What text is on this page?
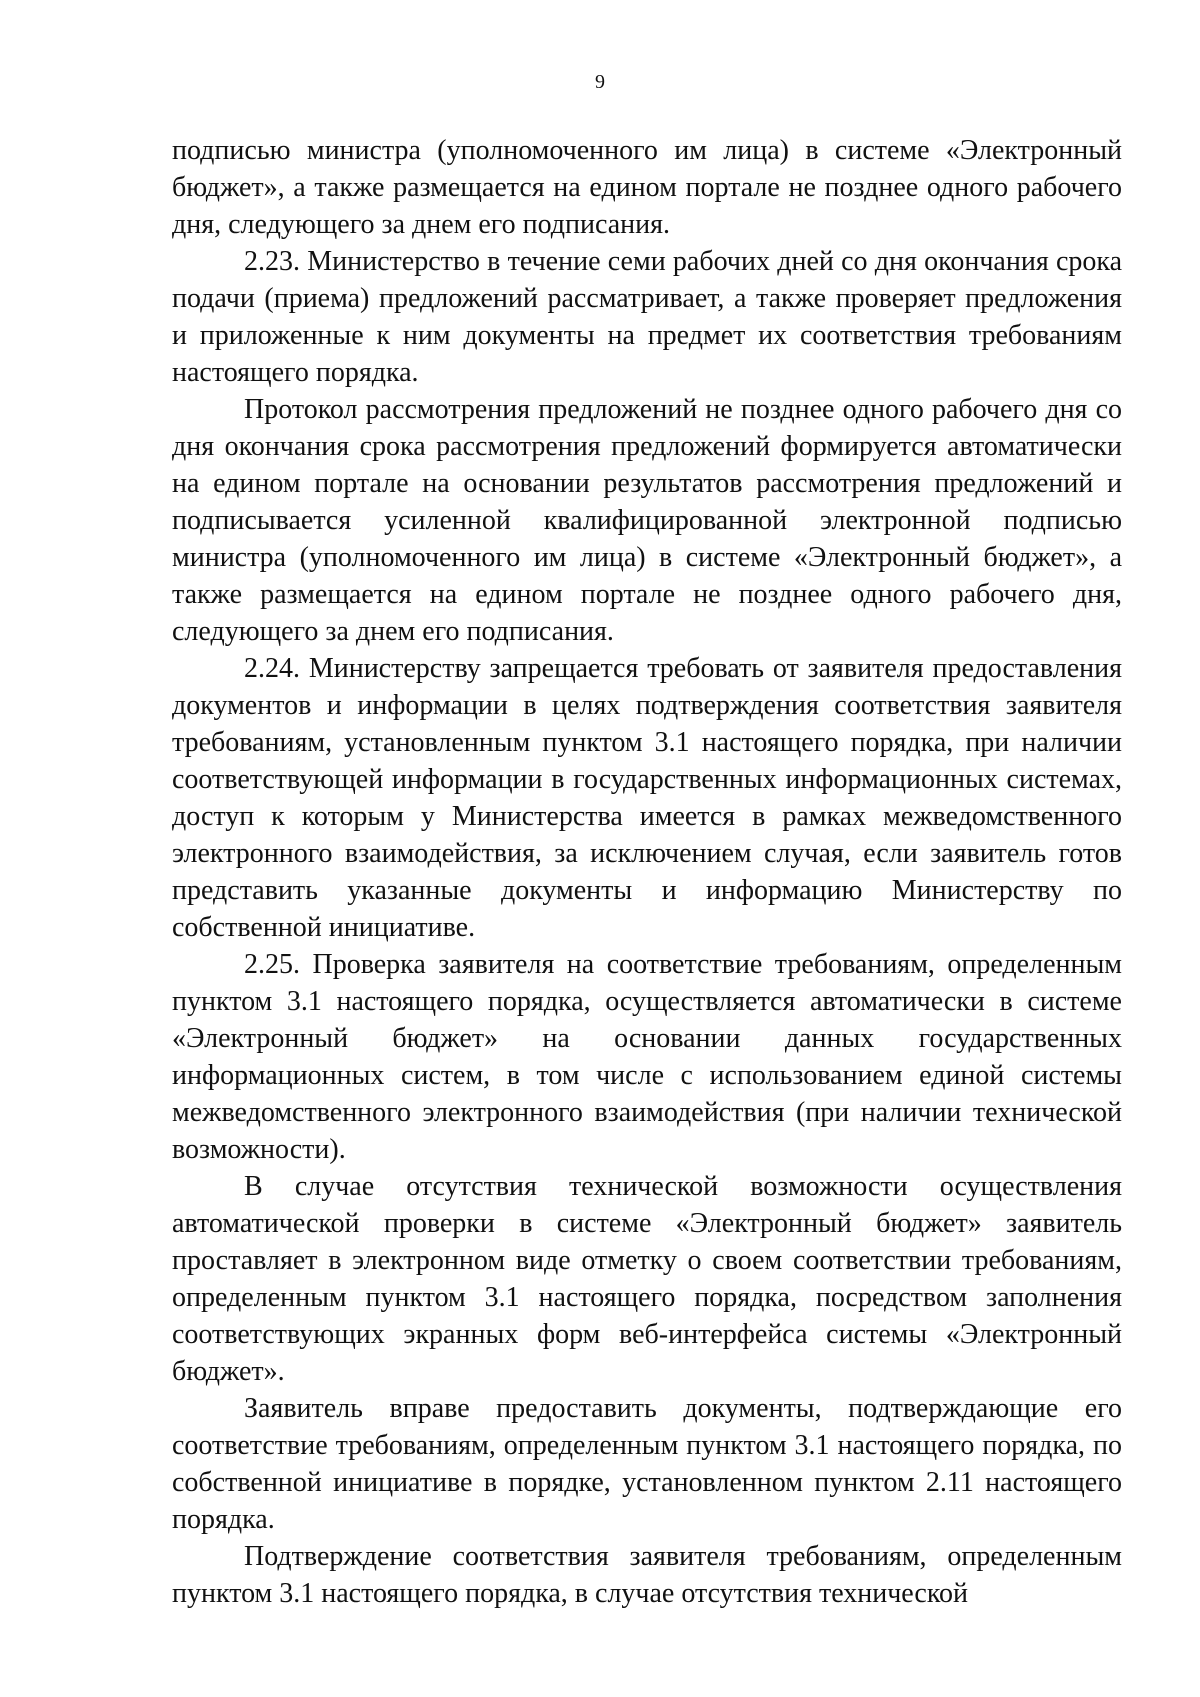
9

подписью министра (уполномоченного им лица) в системе «Электронный бюджет», а также размещается на едином портале не позднее одного рабочего дня, следующего за днем его подписания.

2.23. Министерство в течение семи рабочих дней со дня окончания срока подачи (приема) предложений рассматривает, а также проверяет предложения и приложенные к ним документы на предмет их соответствия требованиям настоящего порядка.

Протокол рассмотрения предложений не позднее одного рабочего дня со дня окончания срока рассмотрения предложений формируется автоматически на едином портале на основании результатов рассмотрения предложений и подписывается усиленной квалифицированной электронной подписью министра (уполномоченного им лица) в системе «Электронный бюджет», а также размещается на едином портале не позднее одного рабочего дня, следующего за днем его подписания.

2.24. Министерству запрещается требовать от заявителя предоставления документов и информации в целях подтверждения соответствия заявителя требованиям, установленным пунктом 3.1 настоящего порядка, при наличии соответствующей информации в государственных информационных системах, доступ к которым у Министерства имеется в рамках межведомственного электронного взаимодействия, за исключением случая, если заявитель готов представить указанные документы и информацию Министерству по собственной инициативе.

2.25. Проверка заявителя на соответствие требованиям, определенным пунктом 3.1 настоящего порядка, осуществляется автоматически в системе «Электронный бюджет» на основании данных государственных информационных систем, в том числе с использованием единой системы межведомственного электронного взаимодействия (при наличии технической возможности).

В случае отсутствия технической возможности осуществления автоматической проверки в системе «Электронный бюджет» заявитель проставляет в электронном виде отметку о своем соответствии требованиям, определенным пунктом 3.1 настоящего порядка, посредством заполнения соответствующих экранных форм веб-интерфейса системы «Электронный бюджет».

Заявитель вправе предоставить документы, подтверждающие его соответствие требованиям, определенным пунктом 3.1 настоящего порядка, по собственной инициативе в порядке, установленном пунктом 2.11 настоящего порядка.

Подтверждение соответствия заявителя требованиям, определенным пунктом 3.1 настоящего порядка, в случае отсутствия технической
